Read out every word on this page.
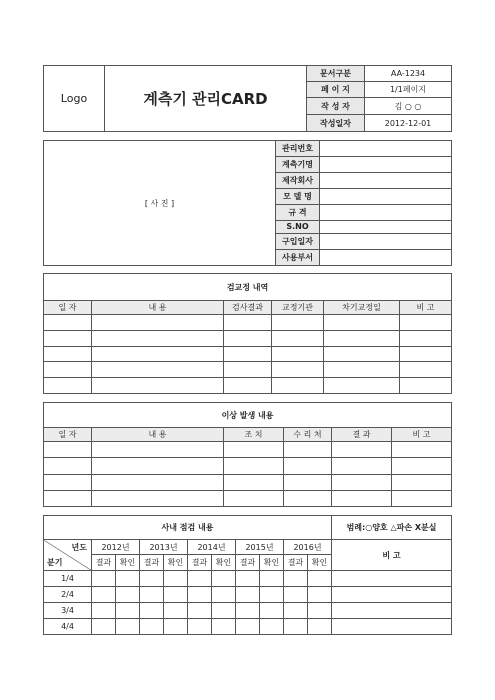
Logo	계측기 관리CARD	문서구분	AA-1234
		페 이 지	1/1페이지
		작 성 자	김 ○ ○
		작성일자	2012-12-01
[ 사 진 ]	관리번호	
	계측기명	
	제작회사	
	모 델 명	
	규 격	
	S.NO	
	구입일자	
	사용부서	
검교정 내역					
일 자	내 용	검사결과	교정기관	차기교정일	비 고

이상 발생 내용					
일 자	내 용	조 치	수 리 처	결 과	비 고

사내 점검 내용											범례:○양호 △파손 X분실

년도
분기	2012년		2013년		2014년		2015년		2016년		비 고
	결과	확인	결과	확인	결과	확인	결과	확인	결과	확인	
1/4											
2/4											
3/4											
4/4											
